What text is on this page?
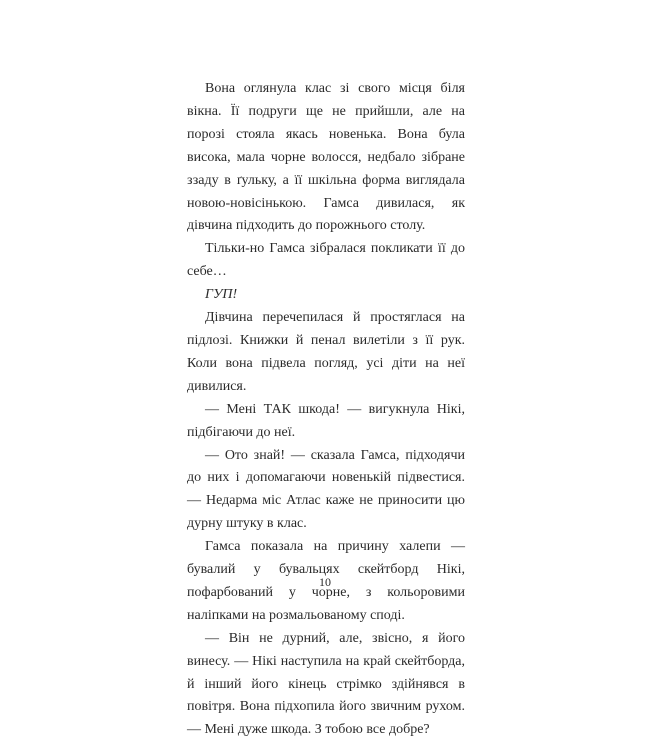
Вона оглянула клас зі свого місця біля вікна. Її подруги ще не прийшли, але на порозі стояла якась новенька. Вона була висока, мала чорне волосся, недбало зібране ззаду в ґульку, а її шкільна форма виглядала новою-новісінькою. Гамса дивилася, як дівчина підходить до порожнього столу.

Тільки-но Гамса зібралася покликати її до себе…

ГУП!

Дівчина перечепилася й простяглася на підлозі. Книжки й пенал вилетіли з її рук. Коли вона підвела погляд, усі діти на неї дивилися.

— Мені ТАК шкода! — вигукнула Нікі, підбігаючи до неї.

— Ото знай! — сказала Гамса, підходячи до них і допомагаючи новенькій підвестися. — Недарма міс Атлас каже не приносити цю дурну штуку в клас.

Гамса показала на причину халепи — бувалий у бувальцях скейтборд Нікі, пофарбований у чорне, з кольоровими наліпками на розмальованому споді.

— Він не дурний, але, звісно, я його винесу. — Нікі наступила на край скейтборда, й інший його кінець стрімко здійнявся в повітря. Вона підхопила його звичним рухом. — Мені дуже шкода. З тобою все добре?

10
